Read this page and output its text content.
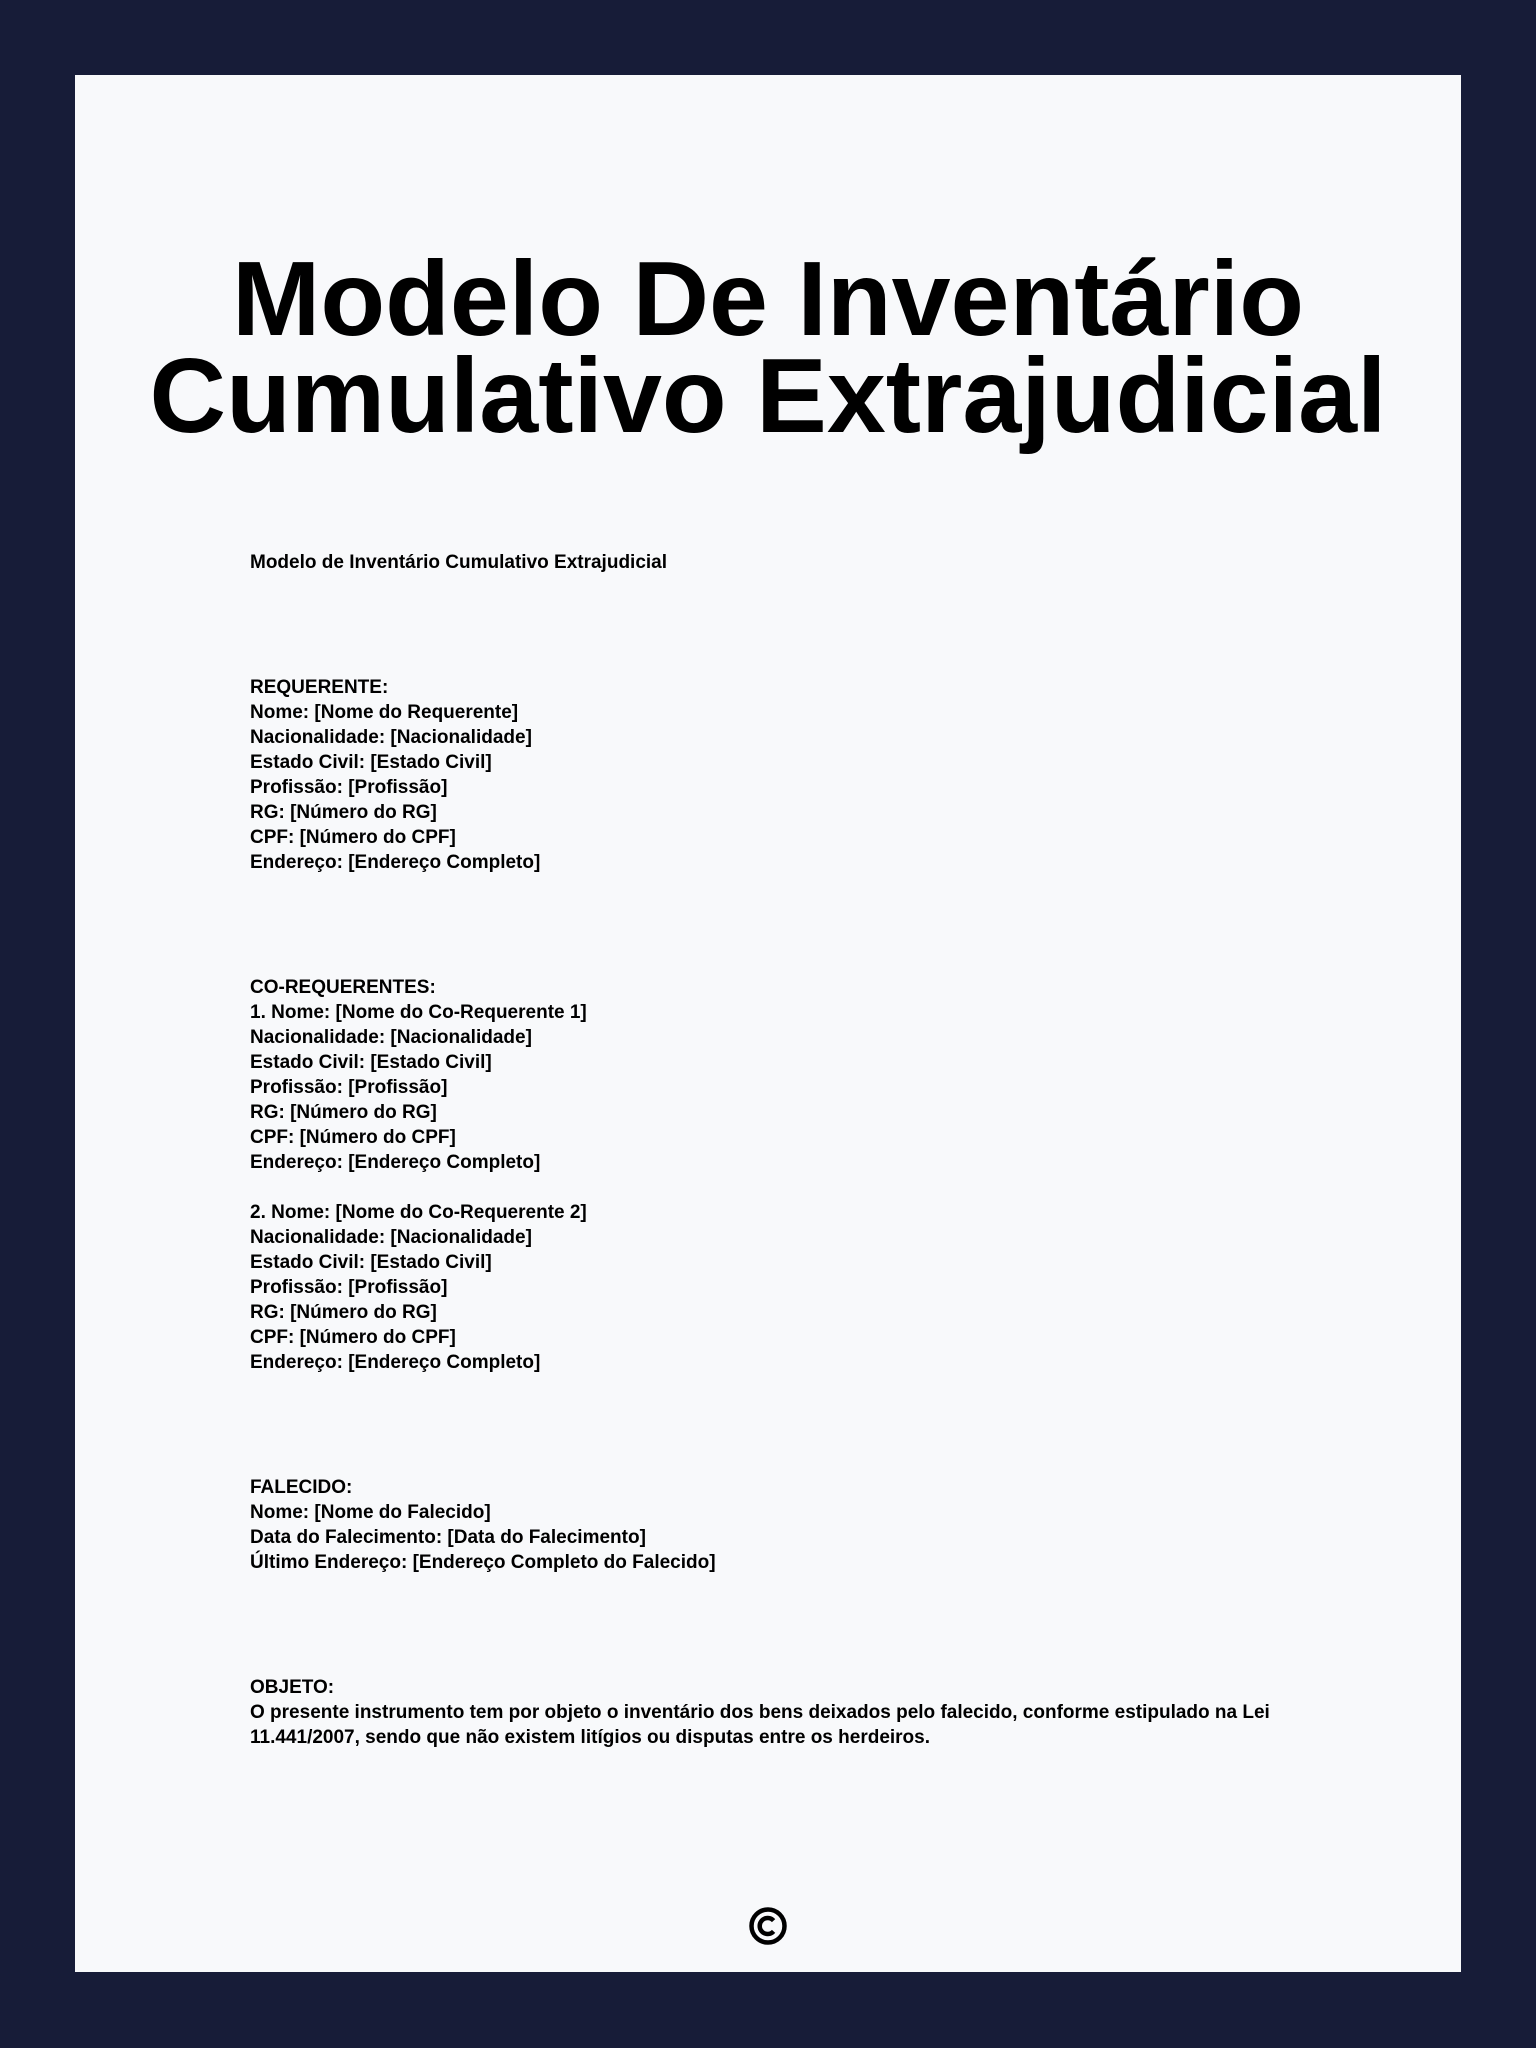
Modelo De Inventário
Cumulativo Extrajudicial
Modelo de Inventário Cumulativo Extrajudicial
REQUERENTE:
Nome: [Nome do Requerente]
Nacionalidade: [Nacionalidade]
Estado Civil: [Estado Civil]
Profissão: [Profissão]
RG: [Número do RG]
CPF: [Número do CPF]
Endereço: [Endereço Completo]
CO-REQUERENTES:
1. Nome: [Nome do Co-Requerente 1]
Nacionalidade: [Nacionalidade]
Estado Civil: [Estado Civil]
Profissão: [Profissão]
RG: [Número do RG]
CPF: [Número do CPF]
Endereço: [Endereço Completo]
2. Nome: [Nome do Co-Requerente 2]
Nacionalidade: [Nacionalidade]
Estado Civil: [Estado Civil]
Profissão: [Profissão]
RG: [Número do RG]
CPF: [Número do CPF]
Endereço: [Endereço Completo]
FALECIDO:
Nome: [Nome do Falecido]
Data do Falecimento: [Data do Falecimento]
Último Endereço: [Endereço Completo do Falecido]
OBJETO:
O presente instrumento tem por objeto o inventário dos bens deixados pelo falecido, conforme estipulado na Lei 11.441/2007, sendo que não existem litígios ou disputas entre os herdeiros.
